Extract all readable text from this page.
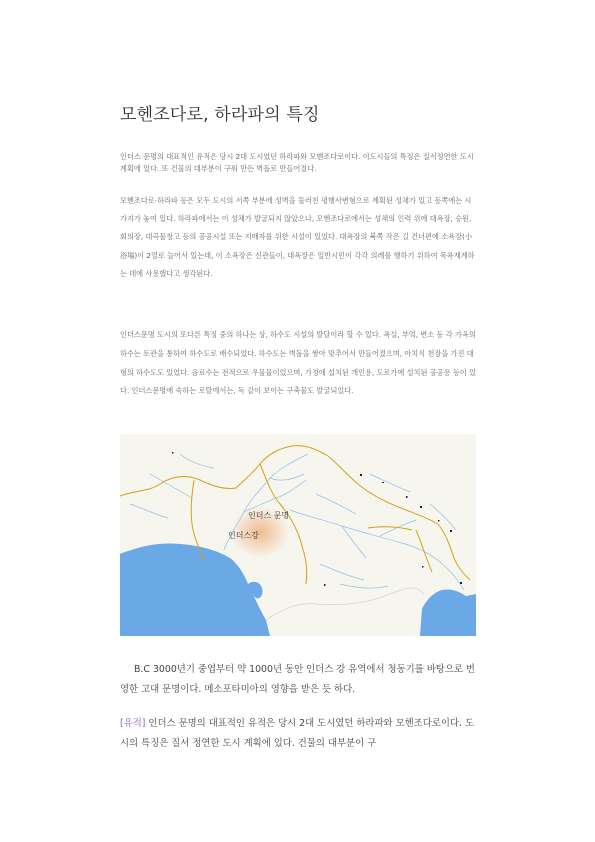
모헨조다로, 하라파의 특징

인더스 문명의 대표적인 유적은 당시 2대 도시였던 하라파와 모헨조다로이다. 이도시들의 특징은 질서정연한 도시계획에 있다. 또 건물의 대부분이 구워 만든 벽돌로 만들어졌다.

모헨조다로·하라파 등은 모두 도시의 서쪽 부분에 성벽을 둘러친 평행사변형으로 계획된 성채가 있고 동쪽에는 시가지가 놓여 있다. 하라파에서는 이 성채가 발굴되지 않았으나, 모헨조다로에서는 성채의 인력 위에 대욕장, 승원, 회의장, 대곡물창고 등의 공공시설 또는 지배자를 위한 시설이 있었다. 대욕장의 북쪽 작은 길 건너편에 소욕장(小浴場)이 2열로 늘어서 있는데, 이 소욕장은 신관들이, 대욕장은 일반시민이 각각 의례를 행하기 위하여 목욕재계하는 데에 사용했다고 생각된다.

인더스문명 도시의 또다른 특징 중의 하나는 상, 하수도 시설의 발달이라 할 수 있다. 욕실, 부엌, 변소 등 각 가옥의 하수는 토관을 통하여 하수도로 배수되었다. 하수도는 벽돌을 쌓아 맞추어서 만들어졌으며, 아치식 천장을 가진 대형의 하수도도 있었다. 음료수는 전적으로 우물물이었으며, 가정에 설치된 개인용, 도로가에 설치된 공공용 등이 있다. 인더스문명에 속하는 로탈에서는, 독 같이 보이는 구축물도 발굴되었다.

인더스 문명
인더스강

B.C 3000년기 중엽부터 약 1000년 동안 인더스 강 유역에서 청동기를 바탕으로 번영한 고대 문명이다. 메소포타미아의 영향을 받은 듯 하다.

[유적] 인더스 문명의 대표적인 유적은 당시 2대 도시였던 하라파와 모헨조다로이다. 도시의 특징은 질서 정연한 도시 계획에 있다. 건물의 대부분이 구
